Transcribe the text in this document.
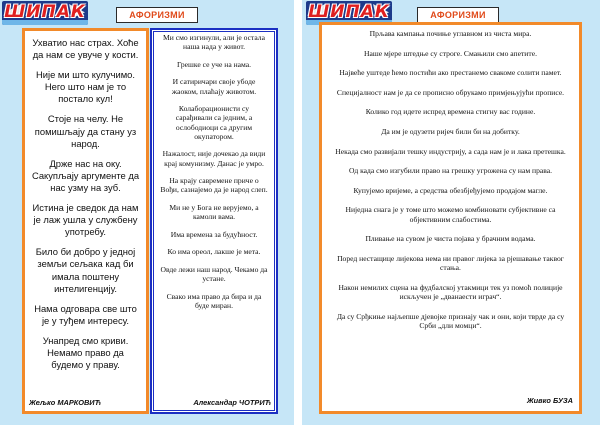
ШИПАК	АФОРИЗМИ

Ухватио нас страх. Хоће да нам се увуче у кости.

Није ми што кулучимо. Него што нам је то постало кул!

Стоје на челу. Не помишљају да стану уз народ.

Држе нас на оку. Сакупљају аргументе да нас узму на зуб.

Истина је сведок да нам је лаж ушла у службену употребу.

Било би добро у једној земљи сељака кад би имала поштену интелигенцију.

Нама одговара све што је у туђем интересу.

Унапред смо криви. Немамо право да будемо у праву.

Жељко МАРКОВИЋ

Ми смо изгинули, али је остала наша нада у живот.

Грешке се уче на нама.

И сатиричари своје убоде жаоком, плаћају животом.

Колаборационисти су сарађивали са једним, а ослободиоци са другим окупатором.

Нажалост, није дочекао да види крај комунизму. Данас је умро.

На крају савремене приче о Вођи, сазнајемо да је народ слеп.

Ми не у Бога не верујемо, а камоли вама.

Има времена за будућност.

Ко има ореол, лакше је мета.

Овде лежи наш народ. Чекамо да устане.

Свако има право да бира и да буде миран.

Александар ЧОТРИЋ
ШИПАК	АФОРИЗМИ

Прљава кампања почиње углавном из чиста мира.

Наше мјере штедње су строге. Смањили смо апетите.

Највеће уштеде ћемо постићи ако престанемо свакоме солити памет.

Специјалност нам је да се прописно обрукамо примјењујући прописе.

Колико год идете испред времена стигну вас године.

Да им је одузети ријеч били би на добитку.

Некада смо развијали тешку индустрију, а сада нам је и лака претешка.

Од када смо изгубили право на грешку угрожена су нам права.

Купујемо вријеме, а средства обезбјеђујемо продајом магле.

Ниједна снага је у томе што можемо комбиновати субјективне са објективним слабостима.

Пливање на сувом је чиста појава у брачним водама.

Поред нестащице лијекова нема ни правог лијека за рјешавање таквог стања.

Након немилих сцена на фудбалској утакмици тек уз помоћ полиције искључен је „дванаести играч“.

Да су Срђкиње најљепше дјевојке признају чак и они, који тврде да су Срби „дли момци“.

Живко БУЗА
